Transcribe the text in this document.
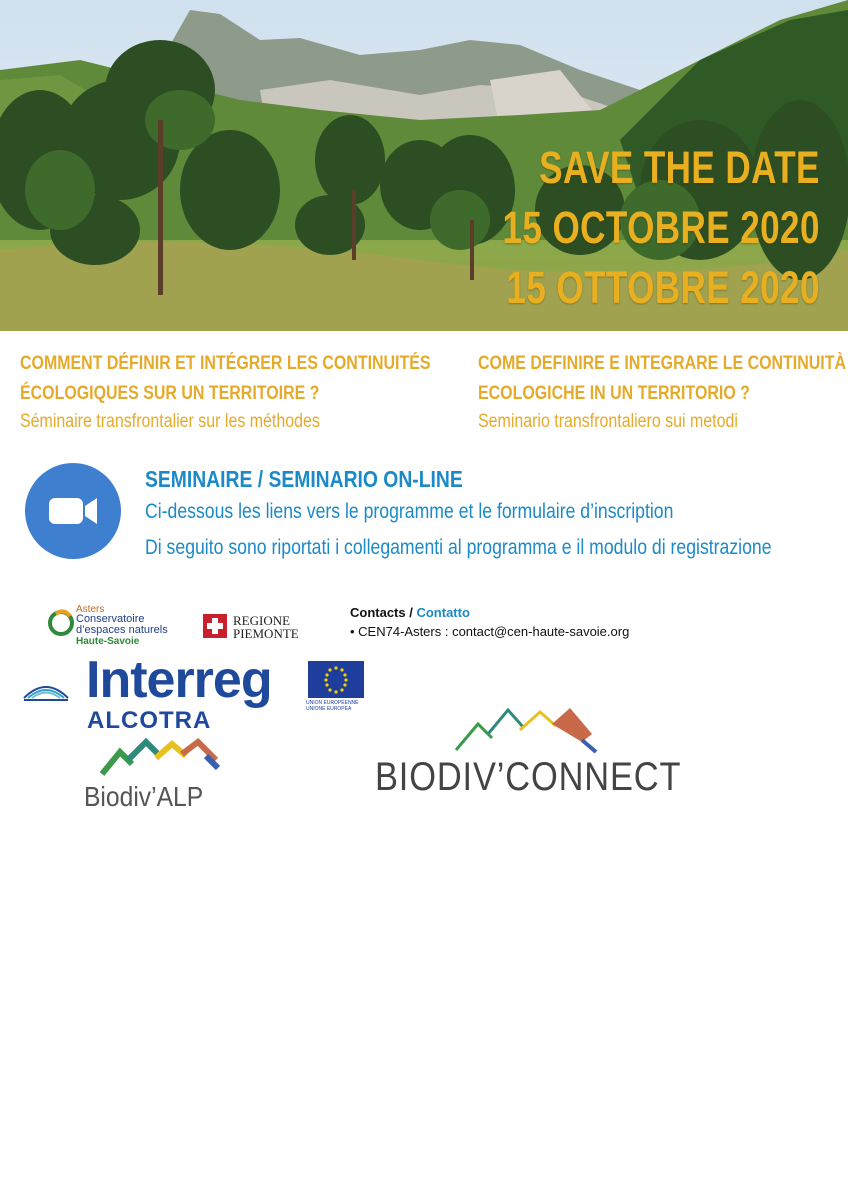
SAVE THE DATE
15 OCTOBRE 2020
15 OTTOBRE 2020
COMMENT DÉFINIR ET INTÉGRER LES CONTINUITÉS
ÉCOLOGIQUES SUR UN TERRITOIRE ?
Séminaire transfrontalier sur les méthodes
COME DEFINIRE E INTEGRARE LE CONTINUITÀ
ECOLOGICHE IN UN TERRITORIO ?
Seminario transfrontaliero sui metodi
SEMINAIRE / SEMINARIO ON-LINE
Ci-dessous les liens vers le programme et le formulaire d’inscription
Di seguito sono riportati i collegamenti al programma e il modulo di registrazione
Asters
Conservatoire
d’espaces naturels
Haute-Savoie
REGIONE
PIEMONTE
Contacts / Contatto
• CEN74-Asters : contact@cen-haute-savoie.org
Interreg
ALCOTRA
UNION EUROPÉENNE
UNIONE EUROPEA
Biodiv’ALP	BIODIV’CONNECT
